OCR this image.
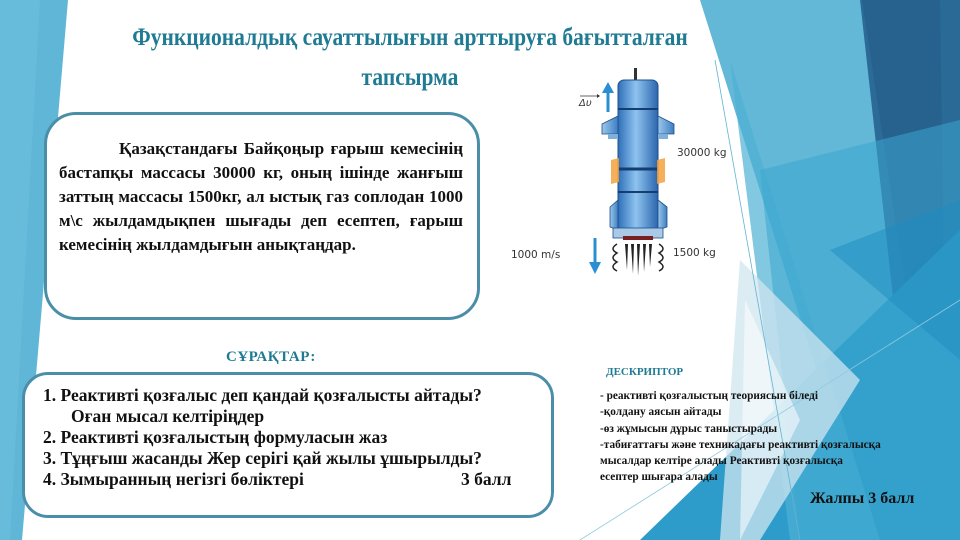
Функционалдық сауаттылығын арттыруға бағытталған
тапсырма

Қазақстандағы Байқоңыр ғарыш кемесінің бастапқы массасы 30000 кг, оның ішінде жанғыш заттың массасы 1500кг, ал ыстық газ соплодан 1000 м\с жылдамдықпен шығады деп есептеп, ғарыш кемесінің жылдамдығын анықтаңдар.

Δυ
30000 kg
1500 kg
1000 m/s
СҰРАҚТАР:
1. Реактивті қозғалыс деп қандай қозғалысты айтады?
Оған мысал келтіріңдер
2. Реактивті қозғалыстың формуласын жаз
3. Тұңғыш жасанды Жер серігі қай жылы ұшырылды?
4. Зымыранның негізгі бөліктері	3 балл
ДЕСКРИПТОР
- реактивті қозғалыстың теориясын біледі
-қолдану аясын айтады
-өз жұмысын дұрыс таныстырады
-табиғаттағы және техникадағы реактивті қозғалысқа
мысалдар келтіре алады Реактивті қозғалысқа
есептер шығара алады
Жалпы 3 балл
